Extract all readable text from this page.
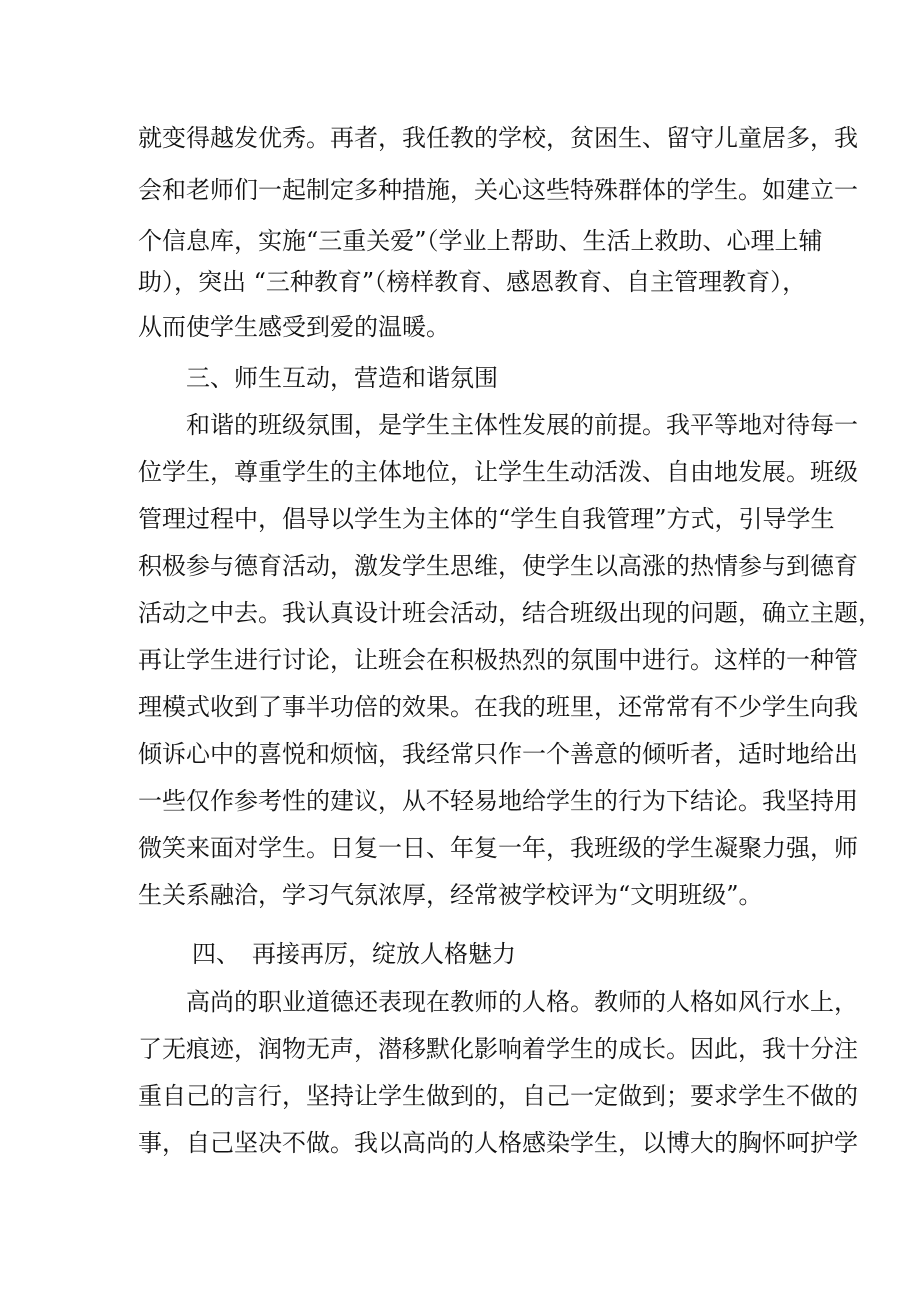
就变得越发优秀。再者，我任教的学校，贫困生、留守儿童居多，我
会和老师们一起制定多种措施，关心这些特殊群体的学生。如建立一
个信息库，实施“三重关爱”（学业上帮助、生活上救助、心理上辅
助），突出 “三种教育”（榜样教育、感恩教育、自主管理教育），
从而使学生感受到爱的温暖。
三、师生互动，营造和谐氛围
和谐的班级氛围，是学生主体性发展的前提。我平等地对待每一
位学生，尊重学生的主体地位，让学生生动活泼、自由地发展。班级
管理过程中，倡导以学生为主体的“学生自我管理”方式，引导学生
积极参与德育活动，激发学生思维，使学生以高涨的热情参与到德育
活动之中去。我认真设计班会活动，结合班级出现的问题，确立主题，
再让学生进行讨论，让班会在积极热烈的氛围中进行。这样的一种管
理模式收到了事半功倍的效果。在我的班里，还常常有不少学生向我
倾诉心中的喜悦和烦恼，我经常只作一个善意的倾听者，适时地给出
一些仅作参考性的建议，从不轻易地给学生的行为下结论。我坚持用
微笑来面对学生。日复一日、年复一年，我班级的学生凝聚力强，师
生关系融洽，学习气氛浓厚，经常被学校评为“文明班级”。
四、　再接再厉，绽放人格魅力
高尚的职业道德还表现在教师的人格。教师的人格如风行水上，
了无痕迹，润物无声，潜移默化影响着学生的成长。因此，我十分注
重自己的言行，坚持让学生做到的，自己一定做到；要求学生不做的
事，自己坚决不做。我以高尚的人格感染学生，以博大的胸怀呵护学
